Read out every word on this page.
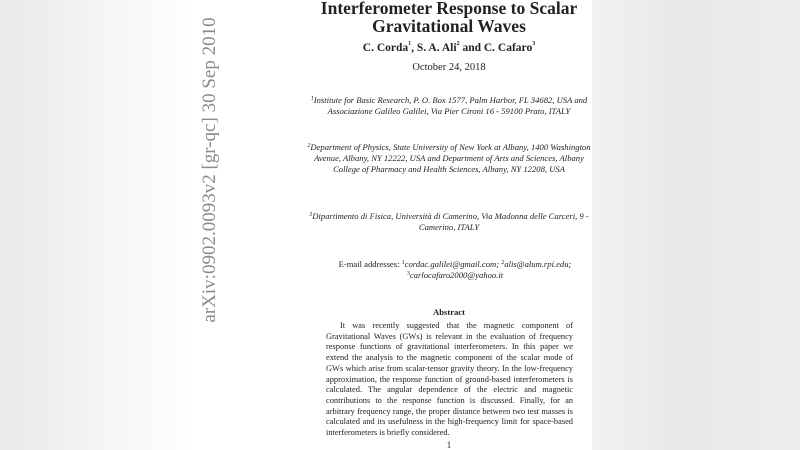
arXiv:0902.0093v2 [gr-qc] 30 Sep 2010
Interferometer Response to Scalar
Gravitational Waves
C. Corda$^1$, S. A. Ali$^2$ and C. Cafaro$^3$
October 24, 2018
$^1$Institute for Basic Research, P. O. Box 1577, Palm Harbor, FL 34682, USA and Associazione Galileo Galilei, Via Pier Cironi 16 - 59100 Prato, ITALY
$^2$Department of Physics, State University of New York at Albany, 1400 Washington Avenue, Albany, NY 12222, USA and Department of Arts and Sciences, Albany College of Pharmacy and Health Sciences, Albany, NY 12208, USA
$^3$Dipartimento di Fisica, Università di Camerino, Via Madonna delle Carceri, 9 - Camerino, ITALY
E-mail addresses: $^1$cordac.galilei@gmail.com; $^2$alis@alum.rpi.edu;
$^3$carlocafaro2000@yahoo.it
Abstract
It was recently suggested that the magnetic component of Gravitational Waves (GWs) is relevant in the evaluation of frequency response functions of gravitational interferometers. In this paper we extend the analysis to the magnetic component of the scalar mode of GWs which arise from scalar-tensor gravity theory. In the low-frequency approximation, the response function of ground-based interferometers is calculated. The angular dependence of the electric and magnetic contributions to the response function is discussed. Finally, for an arbitrary frequency range, the proper distance between two test masses is calculated and its usefulness in the high-frequency limit for space-based interferometers is briefly considered.
1
